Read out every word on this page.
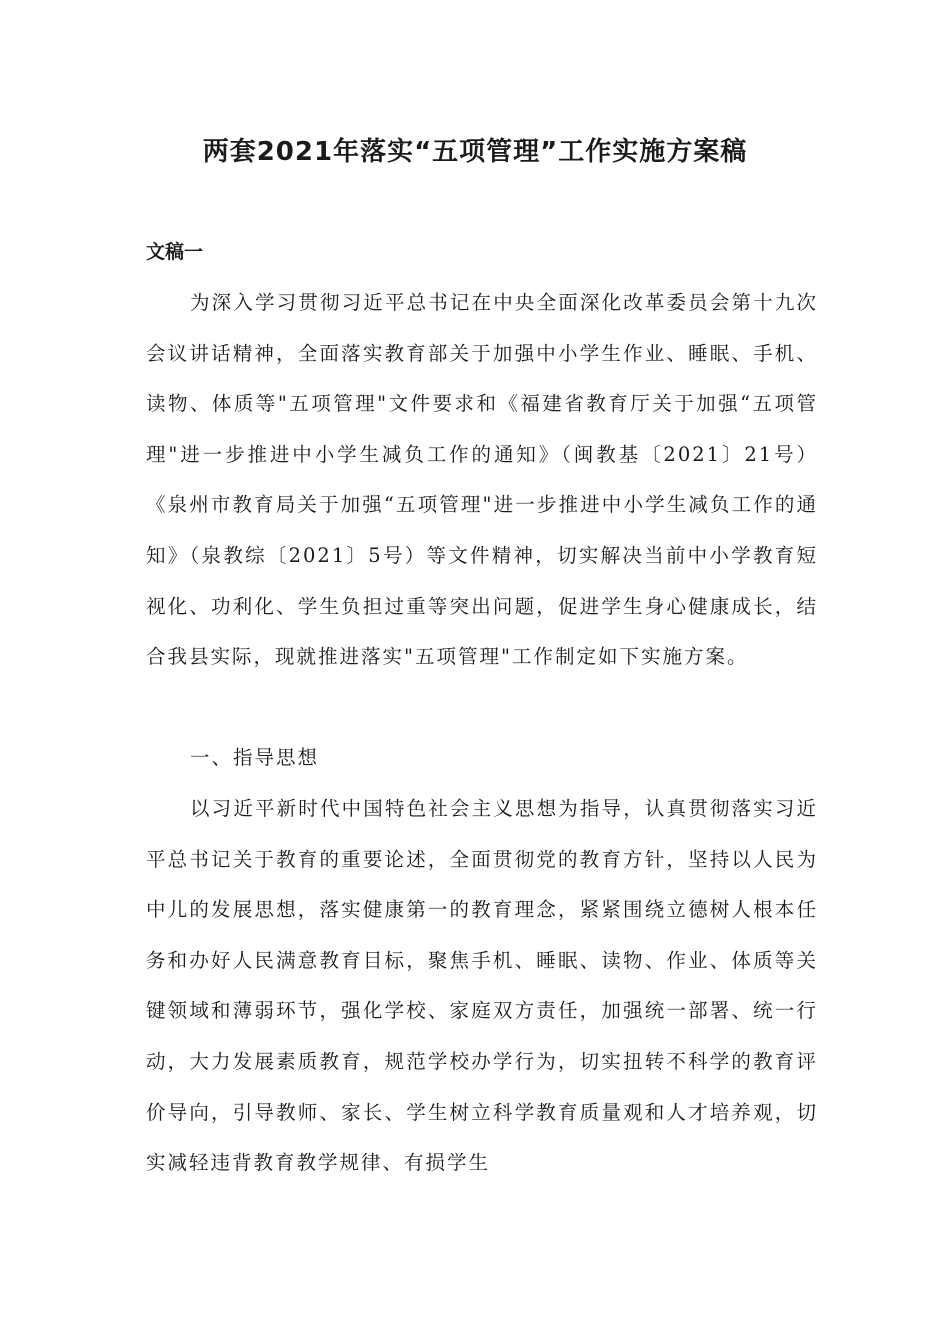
两套2021年落实“五项管理”工作实施方案稿

文稿一

为深入学习贯彻习近平总书记在中央全面深化改革委员会第十九次会议讲话精神，全面落实教育部关于加强中小学生作业、睡眠、手机、读物、体质等"五项管理"文件要求和《福建省教育厅关于加强“五项管理"进一步推进中小学生减负工作的通知》（闽教基〔2021〕21号）《泉州市教育局关于加强“五项管理"进一步推进中小学生减负工作的通知》（泉教综〔2021〕5号）等文件精神，切实解决当前中小学教育短视化、功利化、学生负担过重等突出问题，促进学生身心健康成长，结合我县实际，现就推进落实"五项管理"工作制定如下实施方案。

一、指导思想

以习近平新时代中国特色社会主义思想为指导，认真贯彻落实习近平总书记关于教育的重要论述，全面贯彻党的教育方针，坚持以人民为中儿的发展思想，落实健康第一的教育理念，紧紧围绕立德树人根本任务和办好人民满意教育目标，聚焦手机、睡眠、读物、作业、体质等关键领域和薄弱环节，强化学校、家庭双方责任，加强统一部署、统一行动，大力发展素质教育，规范学校办学行为，切实扭转不科学的教育评价导向，引导教师、家长、学生树立科学教育质量观和人才培养观，切实减轻违背教育教学规律、有损学生
